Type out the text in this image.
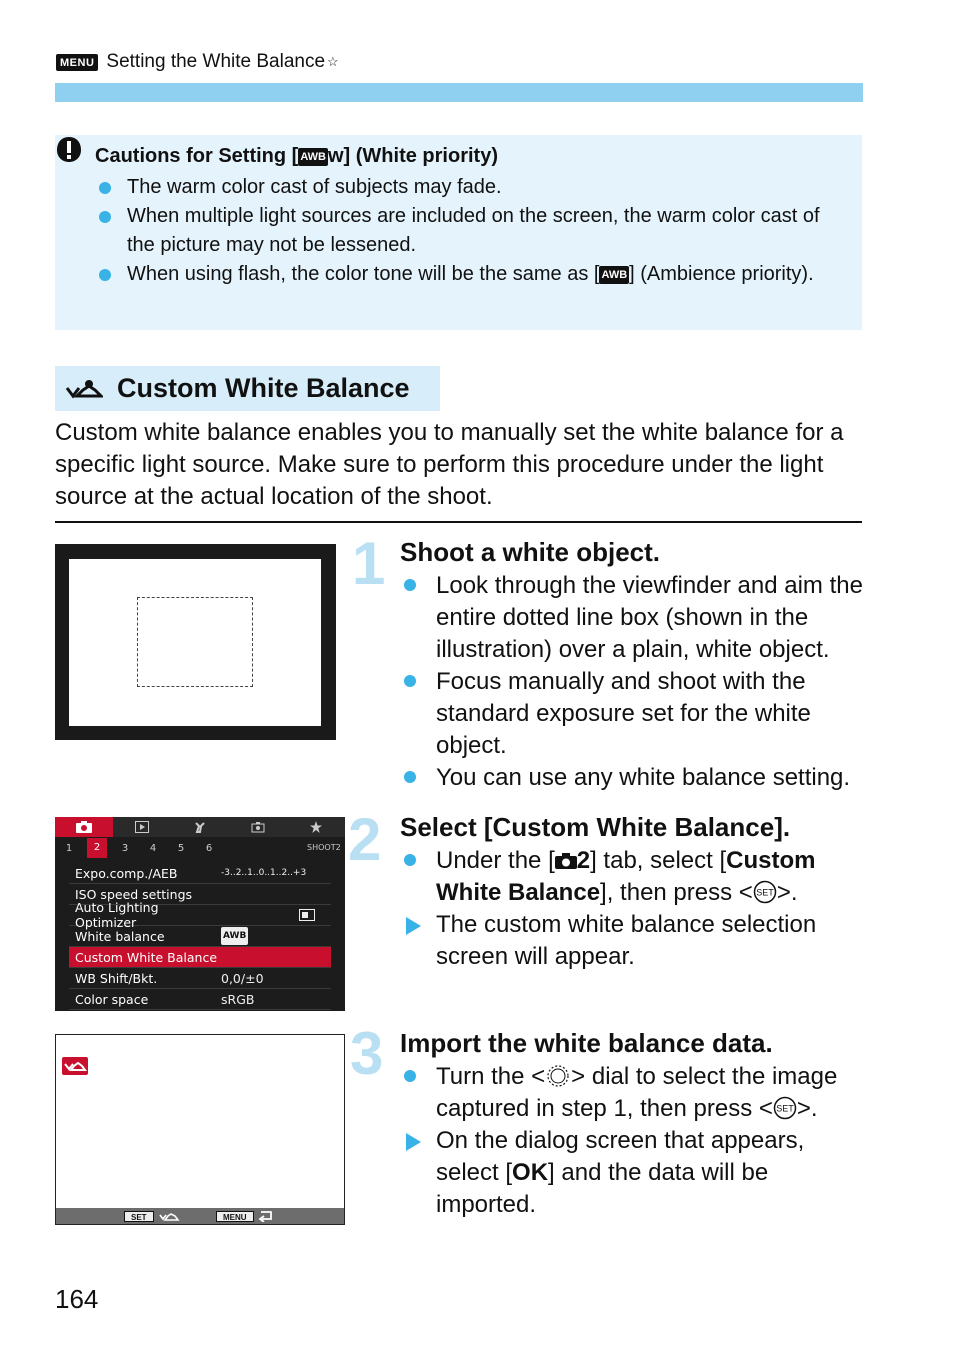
MENU Setting the White Balance ☆
Cautions for Setting [ AWB w] (White priority)
The warm color cast of subjects may fade.
When multiple light sources are included on the screen, the warm color cast of the picture may not be lessened.
When using flash, the color tone will be the same as [ AWB ] (Ambience priority).
Custom White Balance
Custom white balance enables you to manually set the white balance for a specific light source. Make sure to perform this procedure under the light source at the actual location of the shoot.
1 Shoot a white object.
Look through the viewfinder and aim the entire dotted line box (shown in the illustration) over a plain, white object.
Focus manually and shoot with the standard exposure set for the white object.
You can use any white balance setting.
1	2	3	4	5	6	SHOOT2
Expo.comp./AEB	-3..2..1..0..1..2..+3
ISO speed settings
Auto Lighting Optimizer
White balance	AWB
Custom White Balance
WB Shift/Bkt.	0,0/±0
Color space	sRGB
2 Select [Custom White Balance].
Under the [ 2] tab, select [Custom White Balance], then press < SET >.
The custom white balance selection screen will appear.
SET	MENU
3 Import the white balance data.
Turn the < > dial to select the image captured in step 1, then press < SET >.
On the dialog screen that appears, select [OK] and the data will be imported.
164
